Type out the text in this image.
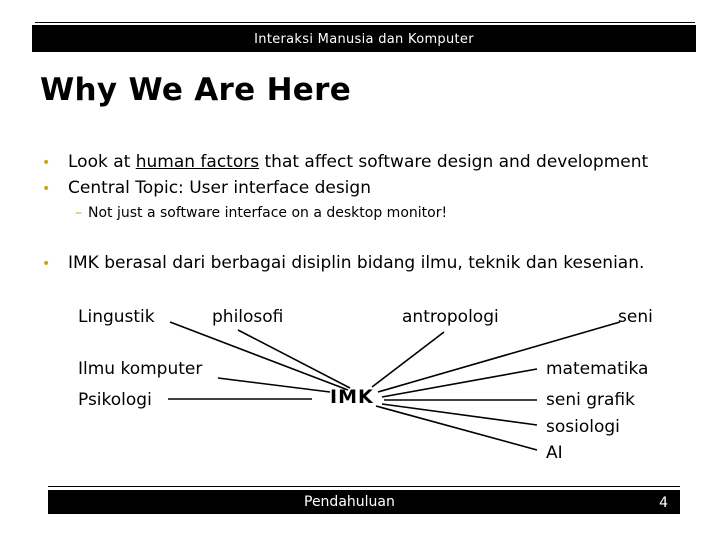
Interaksi Manusia dan Komputer
Why We Are Here
• Look at human factors that affect software design and development
• Central Topic: User interface design
– Not just a software interface on a desktop monitor!
• IMK berasal dari berbagai disiplin bidang ilmu, teknik dan kesenian.
Lingustik	philosofi	antropologi	seni
Ilmu komputer
Psikologi
matematika
seni grafik
sosiologi
AI
IMK
Pendahuluan	4
